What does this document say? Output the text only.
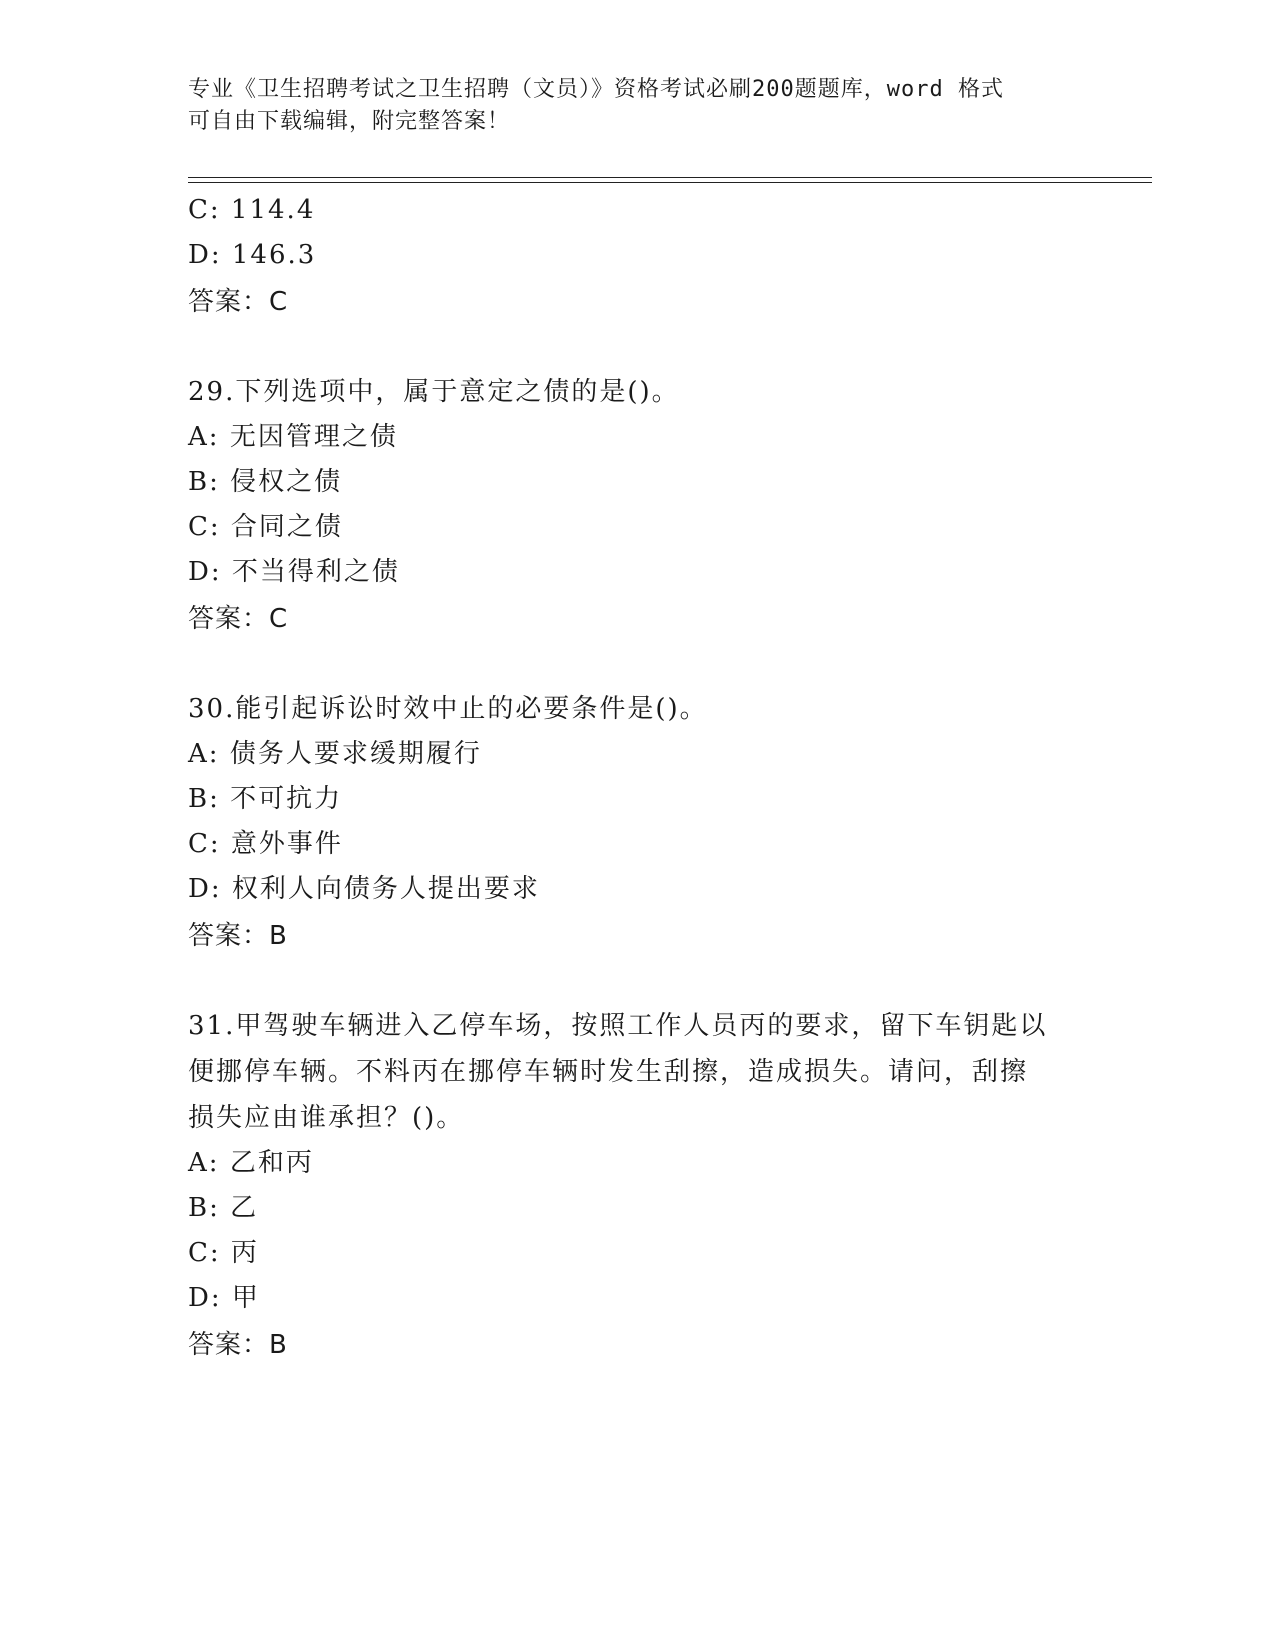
专业《卫生招聘考试之卫生招聘（文员）》资格考试必刷200题题库，word 格式
可自由下载编辑，附完整答案！
C: 114.4
D: 146.3
答案：C
29.下列选项中，属于意定之债的是()。
A: 无因管理之债
B: 侵权之债
C: 合同之债
D: 不当得利之债
答案：C
30.能引起诉讼时效中止的必要条件是()。
A: 债务人要求缓期履行
B: 不可抗力
C: 意外事件
D: 权利人向债务人提出要求
答案：B
31.甲驾驶车辆进入乙停车场，按照工作人员丙的要求，留下车钥匙以
便挪停车辆。不料丙在挪停车辆时发生刮擦，造成损失。请问，刮擦
损失应由谁承担？()。
A: 乙和丙
B: 乙
C: 丙
D: 甲
答案：B
